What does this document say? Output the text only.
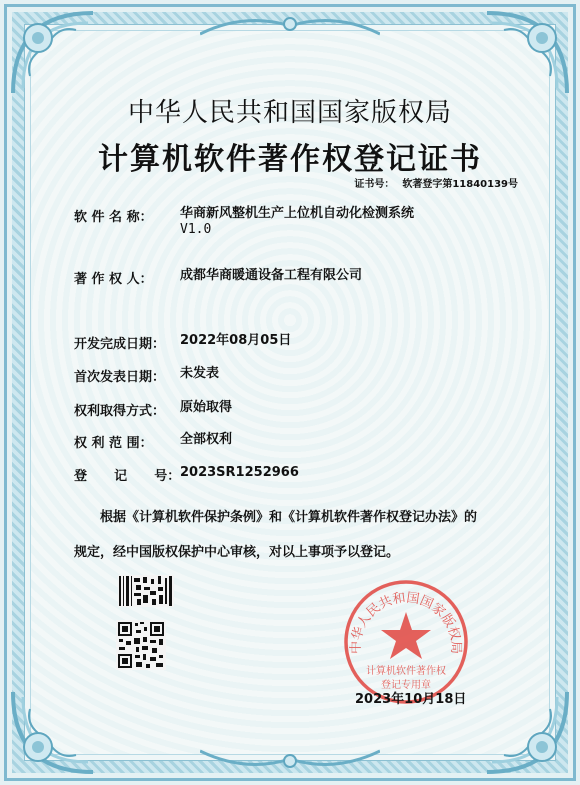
中华人民共和国国家版权局
计算机软件著作权登记证书
证书号： 软著登字第11840139号
软 件 名 称： 华商新风整机生产上位机自动化检测系统
V1.0
著 作 权 人： 成都华商暖通设备工程有限公司
开发完成日期： 2022年08月05日
首次发表日期： 未发表
权利取得方式： 原始取得
权 利 范 围： 全部权利
登      记      号： 2023SR1252966
根据《计算机软件保护条例》和《计算机软件著作权登记办法》的
规定，经中国版权保护中心审核，对以上事项予以登记。
中华人民共和国国家版权局
计算机软件著作权
登记专用章
2023年10月18日
